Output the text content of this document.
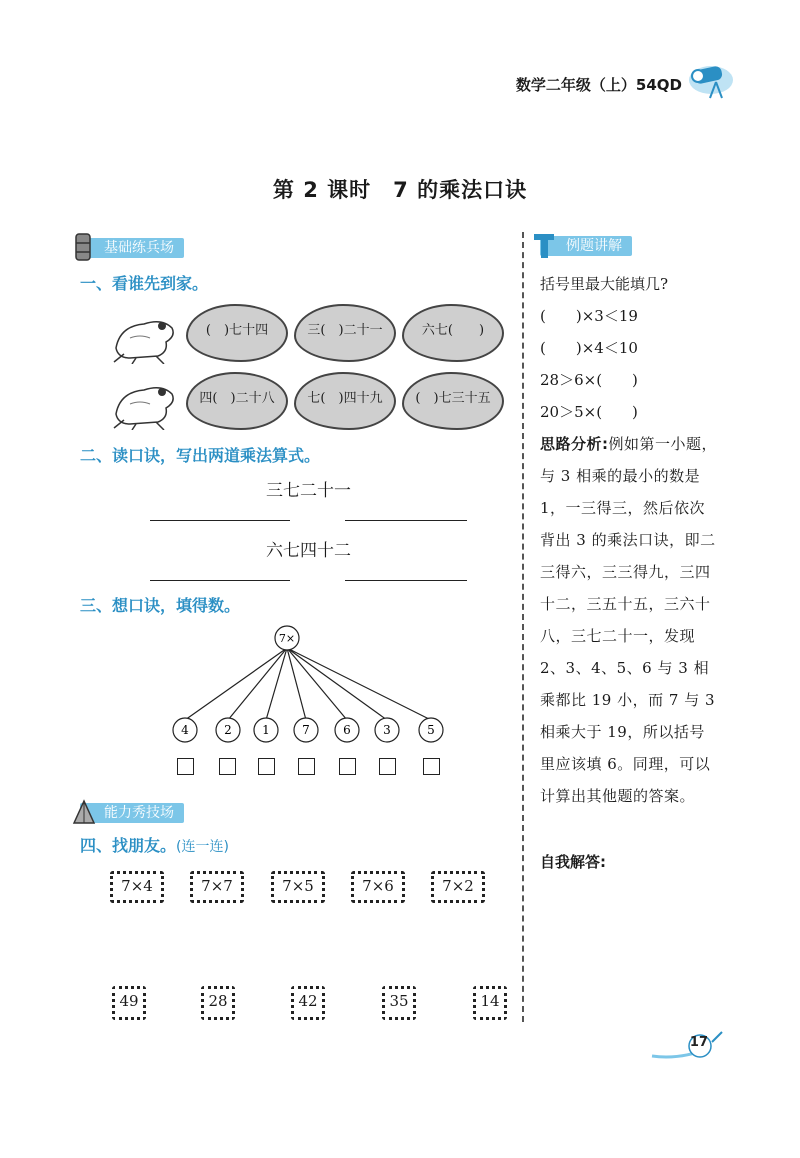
数学二年级（上）54QD
第 2 课时　7 的乘法口诀
基础练兵场
一、看谁先到家。
(　)七十四	三(　)二十一	六七(　　)
四(　)二十八	七(　)四十九	(　)七三十五
二、读口诀，写出两道乘法算式。
三七二十一
六七四十二
三、想口诀，填得数。
7×
4	2	1	7	6	3	5
能力秀技场
四、找朋友。(连一连)
7×4	7×7	7×5	7×6	7×2
49	28	42	35	14
例题讲解
括号里最大能填几?
(　　)×3＜19
(　　)×4＜10
28＞6×(　　)
20＞5×(　　)
思路分析:例如第一小题，与 3 相乘的最小的数是 1，一三得三，然后依次背出 3 的乘法口诀，即二三得六，三三得九，三四十二，三五十五，三六十八，三七二十一，发现 2、3、4、5、6 与 3 相乘都比 19 小，而 7 与 3 相乘大于 19，所以括号里应该填 6。同理，可以计算出其他题的答案。
自我解答:
17
